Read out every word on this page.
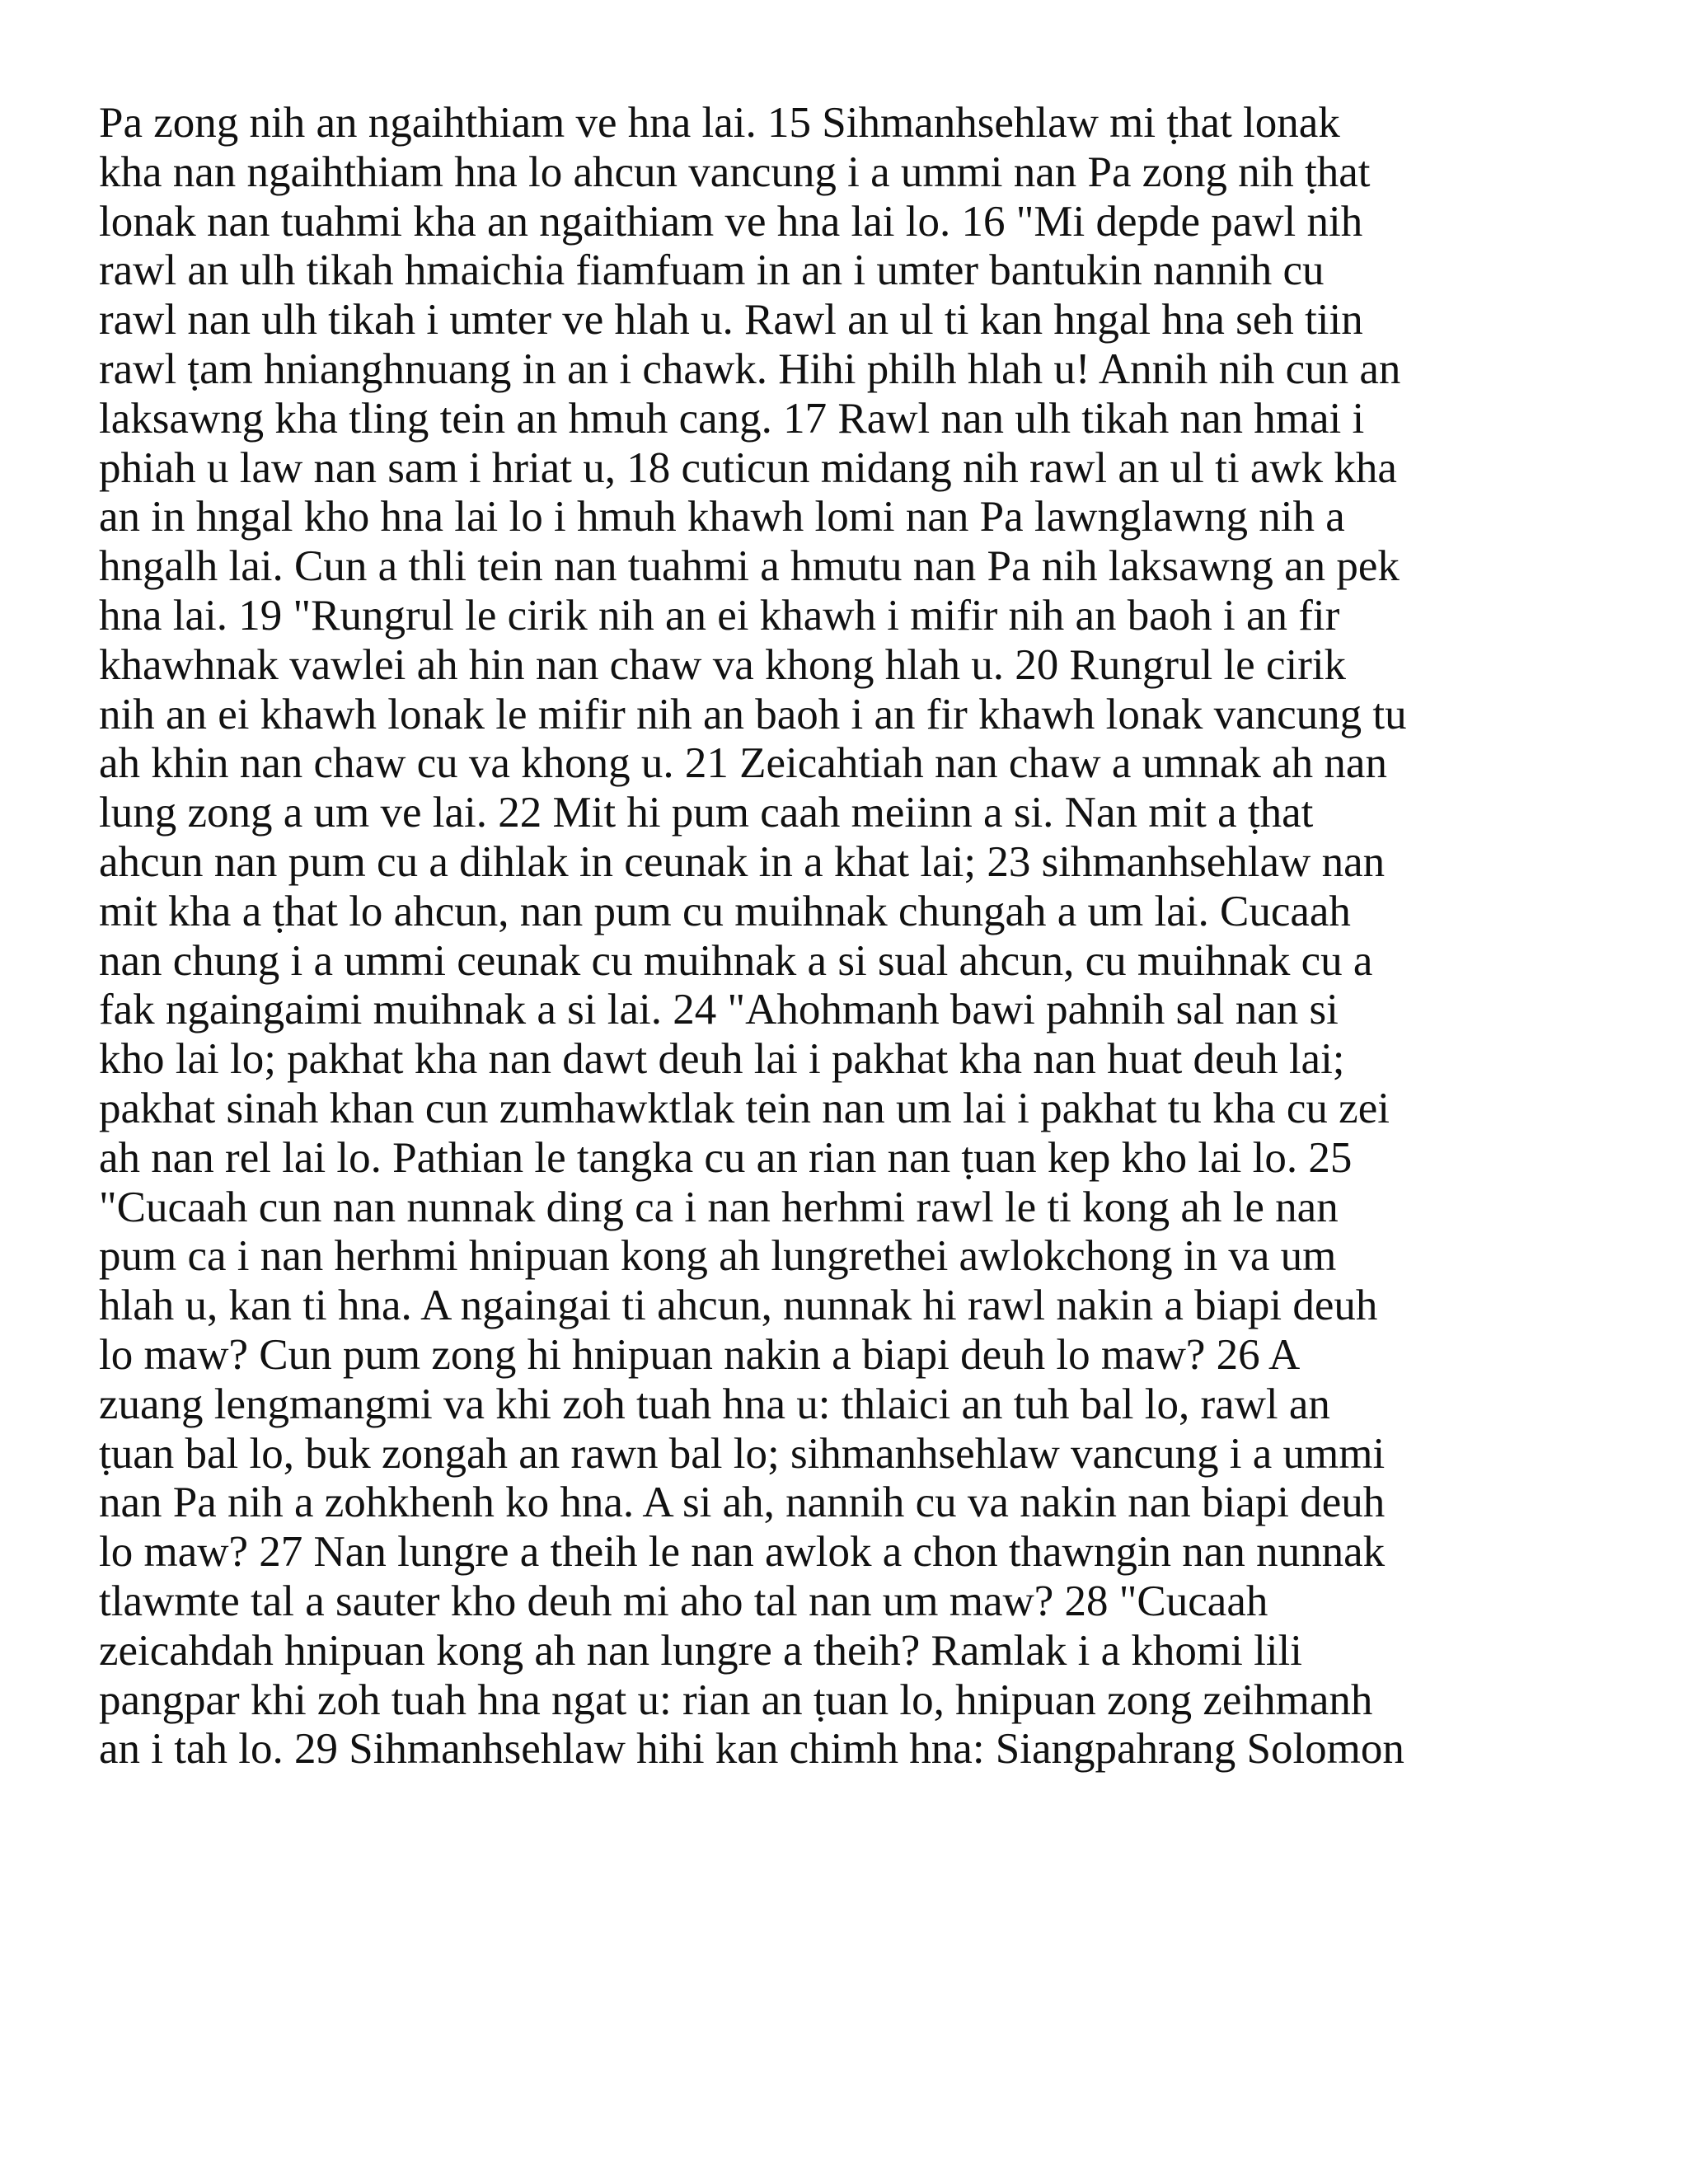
Pa zong nih an ngaihthiam ve hna lai. 15 Sihmanhsehlaw mi ṭhat lonak
kha nan ngaihthiam hna lo ahcun vancung i a ummi nan Pa zong nih ṭhat
lonak nan tuahmi kha an ngaithiam ve hna lai lo. 16 "Mi depde pawl nih
rawl an ulh tikah hmaichia fiamfuam in an i umter bantukin nannih cu
rawl nan ulh tikah i umter ve hlah u. Rawl an ul ti kan hngal hna seh tiin
rawl ṭam hnianghnuang in an i chawk. Hihi philh hlah u! Annih nih cun an
laksawng kha tling tein an hmuh cang. 17 Rawl nan ulh tikah nan hmai i
phiah u law nan sam i hriat u, 18 cuticun midang nih rawl an ul ti awk kha
an in hngal kho hna lai lo i hmuh khawh lomi nan Pa lawnglawng nih a
hngalh lai. Cun a thli tein nan tuahmi a hmutu nan Pa nih laksawng an pek
hna lai. 19 "Rungrul le cirik nih an ei khawh i mifir nih an baoh i an fir
khawhnak vawlei ah hin nan chaw va khong hlah u. 20 Rungrul le cirik
nih an ei khawh lonak le mifir nih an baoh i an fir khawh lonak vancung tu
ah khin nan chaw cu va khong u. 21 Zeicahtiah nan chaw a umnak ah nan
lung zong a um ve lai. 22 Mit hi pum caah meiinn a si. Nan mit a ṭhat
ahcun nan pum cu a dihlak in ceunak in a khat lai; 23 sihmanhsehlaw nan
mit kha a ṭhat lo ahcun, nan pum cu muihnak chungah a um lai. Cucaah
nan chung i a ummi ceunak cu muihnak a si sual ahcun, cu muihnak cu a
fak ngaingaimi muihnak a si lai. 24 "Ahohmanh bawi pahnih sal nan si
kho lai lo; pakhat kha nan dawt deuh lai i pakhat kha nan huat deuh lai;
pakhat sinah khan cun zumhawktlak tein nan um lai i pakhat tu kha cu zei
ah nan rel lai lo. Pathian le tangka cu an rian nan ṭuan kep kho lai lo. 25
"Cucaah cun nan nunnak ding ca i nan herhmi rawl le ti kong ah le nan
pum ca i nan herhmi hnipuan kong ah lungrethei awlokchong in va um
hlah u, kan ti hna. A ngaingai ti ahcun, nunnak hi rawl nakin a biapi deuh
lo maw? Cun pum zong hi hnipuan nakin a biapi deuh lo maw? 26 A
zuang lengmangmi va khi zoh tuah hna u: thlaici an tuh bal lo, rawl an
ṭuan bal lo, buk zongah an rawn bal lo; sihmanhsehlaw vancung i a ummi
nan Pa nih a zohkhenh ko hna. A si ah, nannih cu va nakin nan biapi deuh
lo maw? 27 Nan lungre a theih le nan awlok a chon thawngin nan nunnak
tlawmte tal a sauter kho deuh mi aho tal nan um maw? 28 "Cucaah
zeicahdah hnipuan kong ah nan lungre a theih? Ramlak i a khomi lili
pangpar khi zoh tuah hna ngat u: rian an ṭuan lo, hnipuan zong zeihmanh
an i tah lo. 29 Sihmanhsehlaw hihi kan chimh hna: Siangpahrang Solomon
